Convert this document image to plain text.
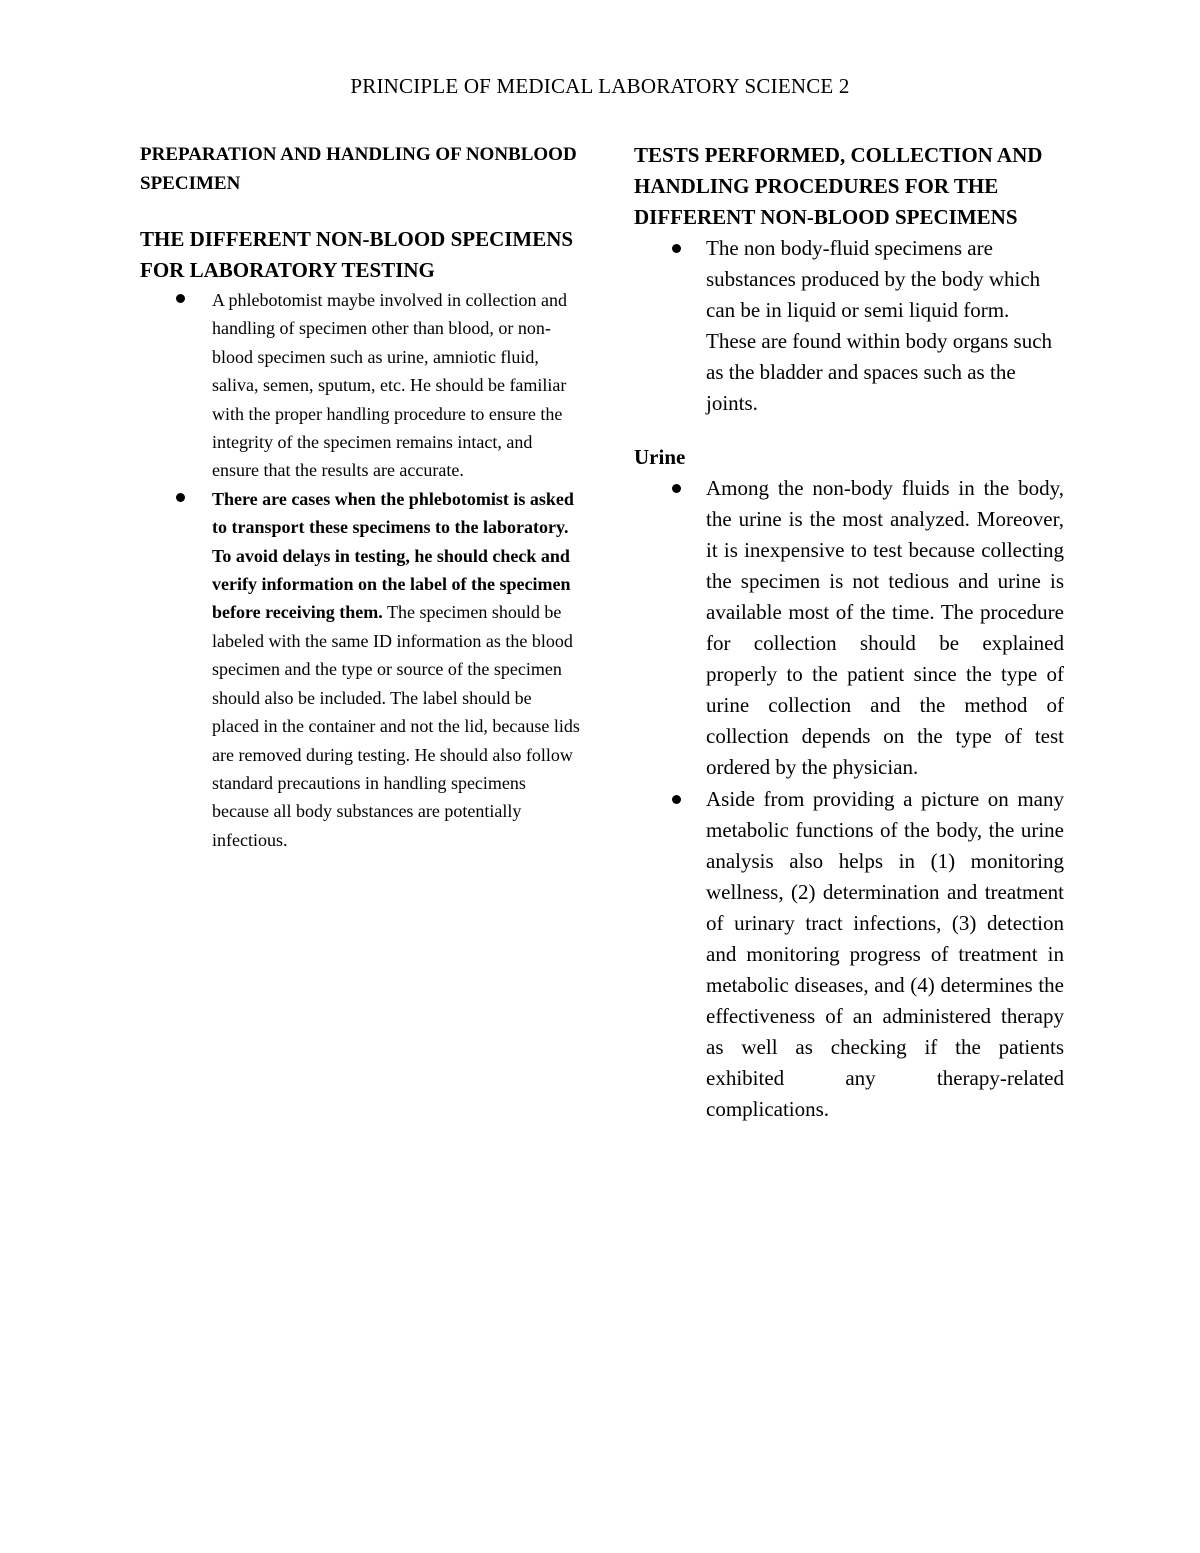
PRINCIPLE OF MEDICAL LABORATORY SCIENCE 2
PREPARATION AND HANDLING OF NONBLOOD SPECIMEN
THE DIFFERENT NON-BLOOD SPECIMENS FOR LABORATORY TESTING
A phlebotomist maybe involved in collection and handling of specimen other than blood, or non-blood specimen such as urine, amniotic fluid, saliva, semen, sputum, etc. He should be familiar with the proper handling procedure to ensure the integrity of the specimen remains intact, and ensure that the results are accurate.
There are cases when the phlebotomist is asked to transport these specimens to the laboratory. To avoid delays in testing, he should check and verify information on the label of the specimen before receiving them. The specimen should be labeled with the same ID information as the blood specimen and the type or source of the specimen should also be included. The label should be placed in the container and not the lid, because lids are removed during testing. He should also follow standard precautions in handling specimens because all body substances are potentially infectious.
TESTS PERFORMED, COLLECTION AND HANDLING PROCEDURES FOR THE DIFFERENT NON-BLOOD SPECIMENS
The non body-fluid specimens are substances produced by the body which can be in liquid or semi liquid form. These are found within body organs such as the bladder and spaces such as the joints.
Urine
Among the non-body fluids in the body, the urine is the most analyzed. Moreover, it is inexpensive to test because collecting the specimen is not tedious and urine is available most of the time. The procedure for collection should be explained properly to the patient since the type of urine collection and the method of collection depends on the type of test ordered by the physician.
Aside from providing a picture on many metabolic functions of the body, the urine analysis also helps in (1) monitoring wellness, (2) determination and treatment of urinary tract infections, (3) detection and monitoring progress of treatment in metabolic diseases, and (4) determines the effectiveness of an administered therapy as well as checking if the patients exhibited any therapy-related complications.
